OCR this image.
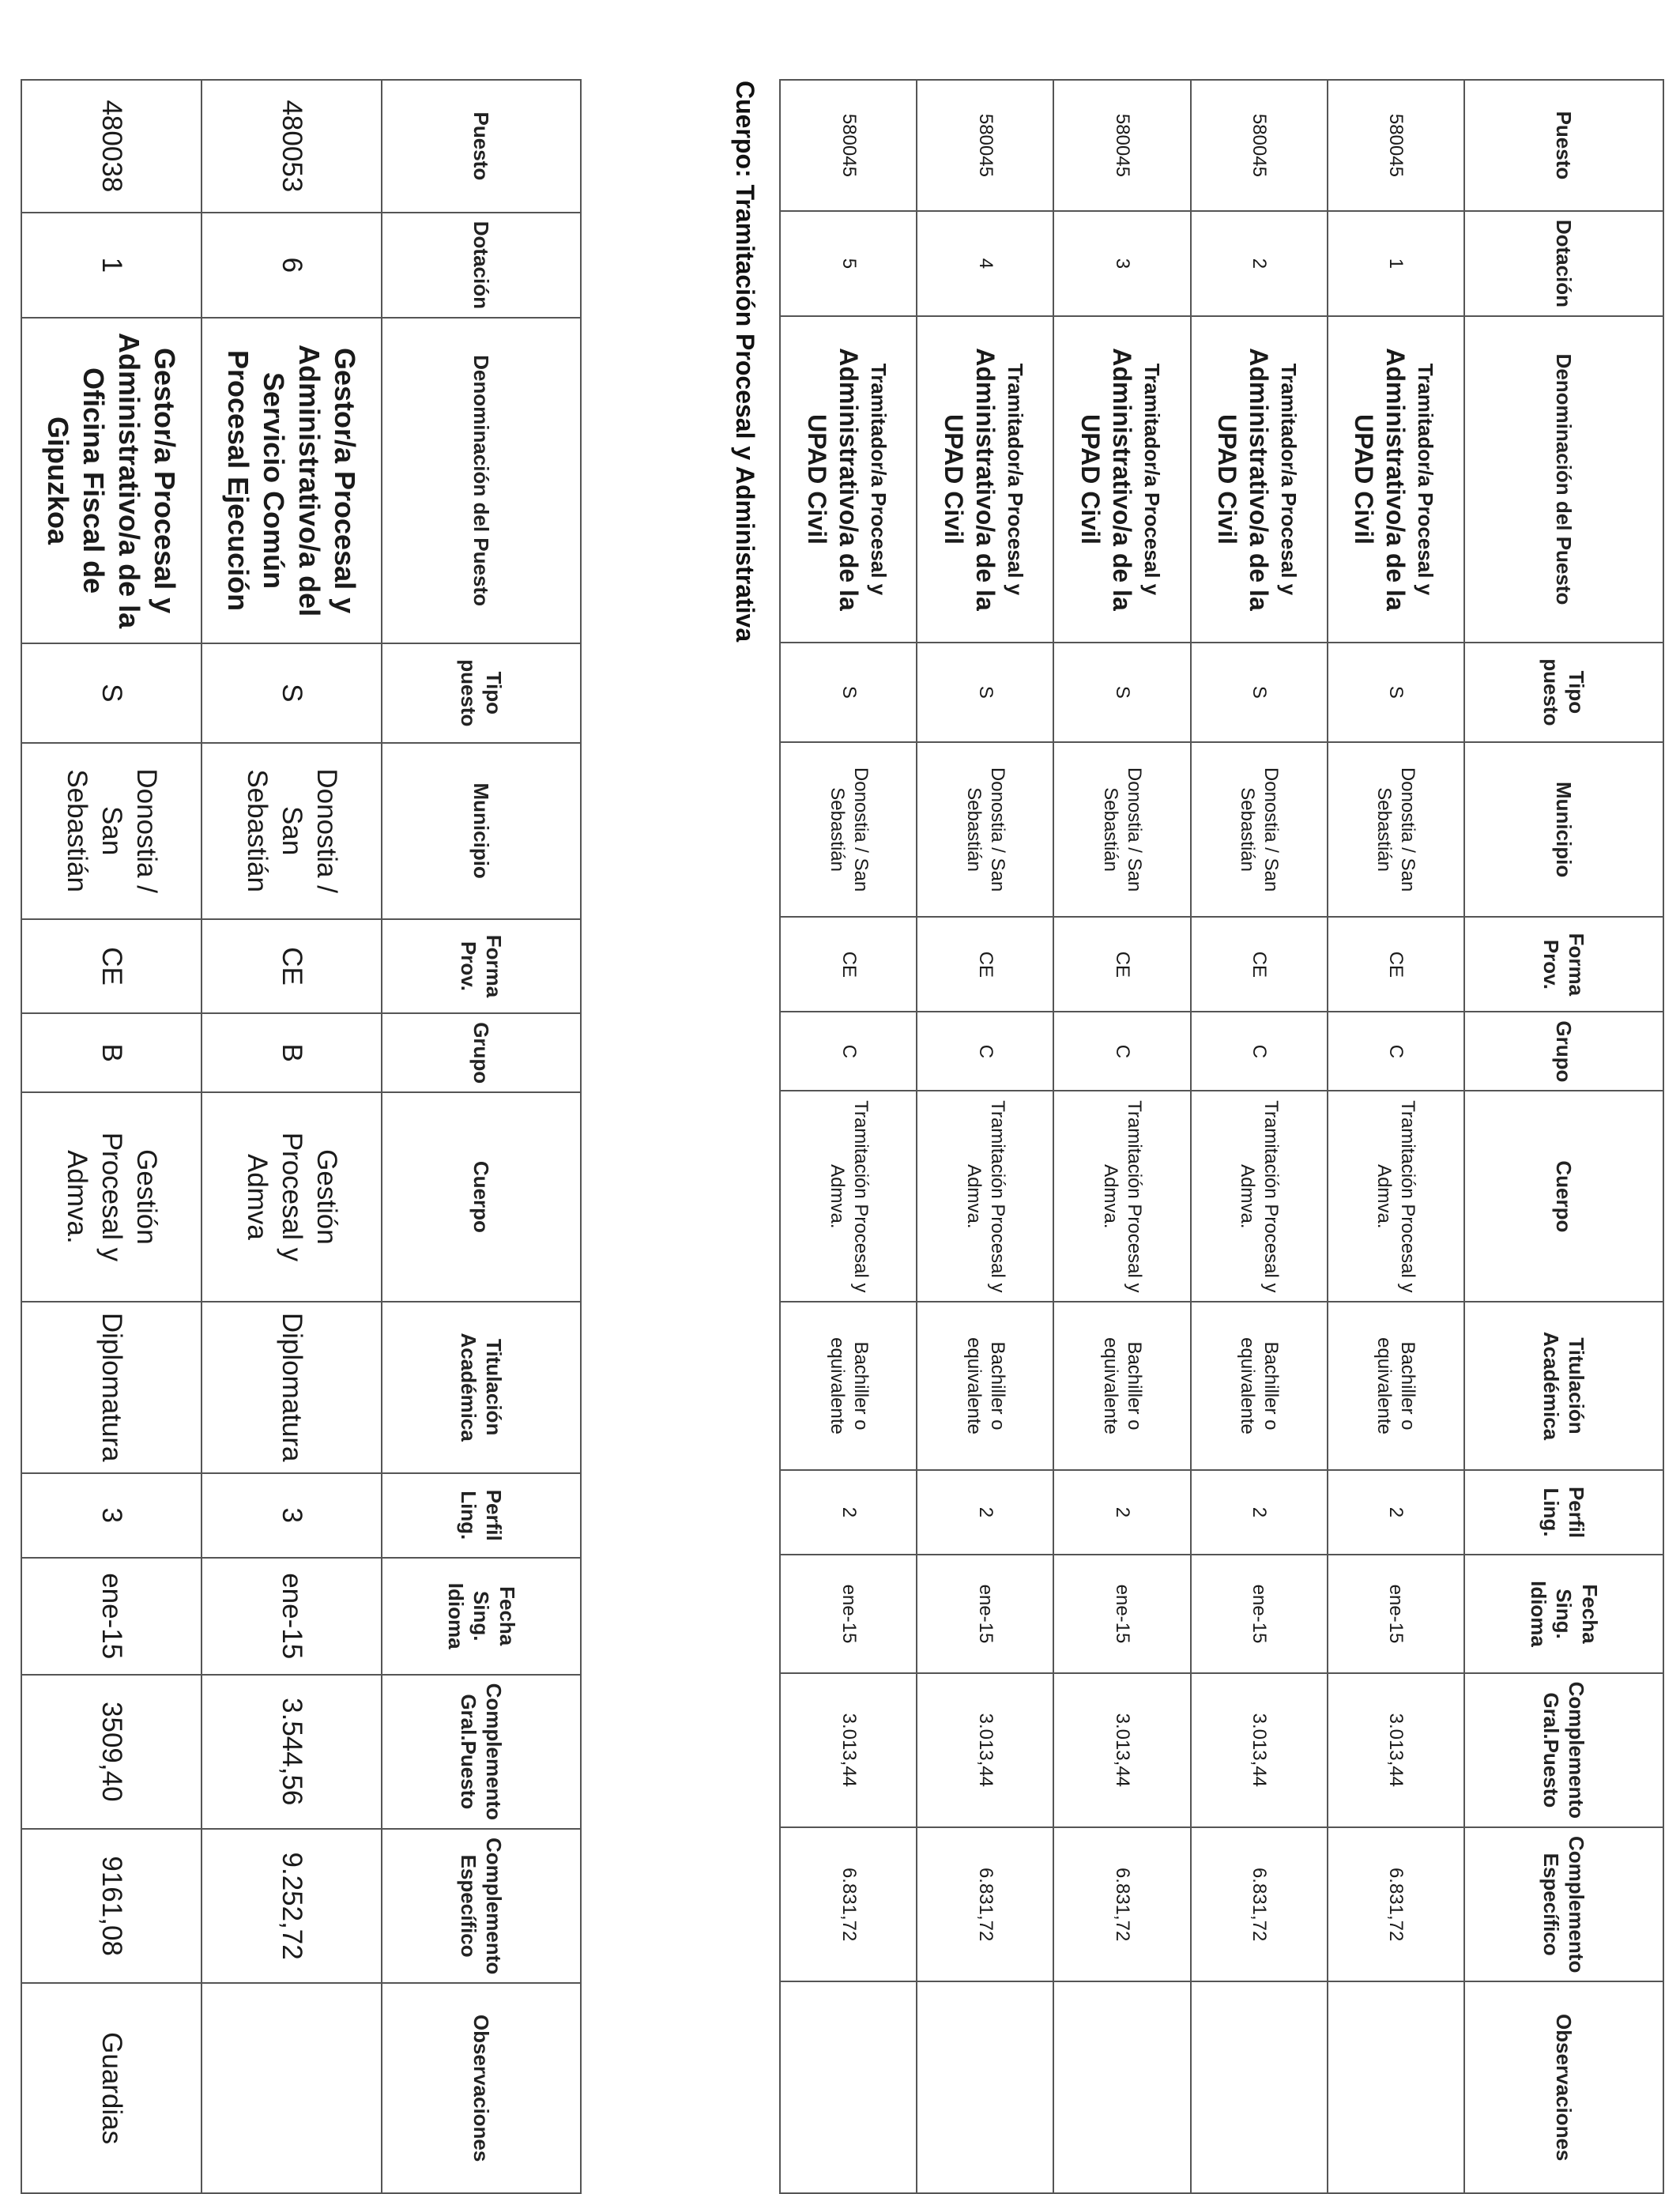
Puesto	Dotación	Denominación del Puesto	Tipo puesto	Municipio	Forma Prov.	Grupo	Cuerpo	Titulación Académica	Perfil Ling.	Fecha Sing. Idioma	Complemento Gral.Puesto	Complemento Específico	Observaciones
480053	6	Gestor/a Procesal y Administrativo/a del Servicio Común Procesal Ejecución	S	Donostia / San Sebastián	CE	B	Gestión Procesal y Admva	Diplomatura	3	ene-15	3.544,56	9.252,72	
480038	1	Gestor/a Procesal y Administrativo/a de la Oficina Fiscal de Gipuzkoa	S	Donostia / San Sebastián	CE	B	Gestión Procesal y Admva.	Diplomatura	3	ene-15	3509,40	9161,08	Guardias
Cuerpo: Tramitación Procesal y Administrativa	Puesto	Dotación	Denominación del Puesto	Tipo puesto	Municipio	Forma Prov.	Grupo	Cuerpo	Titulación Académica	Perfil Ling.	Fecha Sing. Idioma	Complemento Gral.Puesto	Complemento Específico	Observaciones
580045	1	Tramitador/a Procesal y Administrativo/a de la UPAD Civil	S	Donostia / San Sebastián	CE	C	Tramitación Procesal y Admva.	Bachiller o equivalente	2	ene-15	3.013,44	6.831,72	
580045	2	Tramitador/a Procesal y Administrativo/a de la UPAD Civil	S	Donostia / San Sebastián	CE	C	Tramitación Procesal y Admva.	Bachiller o equivalente	2	ene-15	3.013,44	6.831,72	
580045	3	Tramitador/a Procesal y Administrativo/a de la UPAD Civil	S	Donostia / San Sebastián	CE	C	Tramitación Procesal y Admva.	Bachiller o equivalente	2	ene-15	3.013,44	6.831,72	
580045	4	Tramitador/a Procesal y Administrativo/a de la UPAD Civil	S	Donostia / San Sebastián	CE	C	Tramitación Procesal y Admva.	Bachiller o equivalente	2	ene-15	3.013,44	6.831,72	
580045	5	Tramitador/a Procesal y Administrativo/a de la UPAD Civil	S	Donostia / San Sebastián	CE	C	Tramitación Procesal y Admva.	Bachiller o equivalente	2	ene-15	3.013,44	6.831,72	
